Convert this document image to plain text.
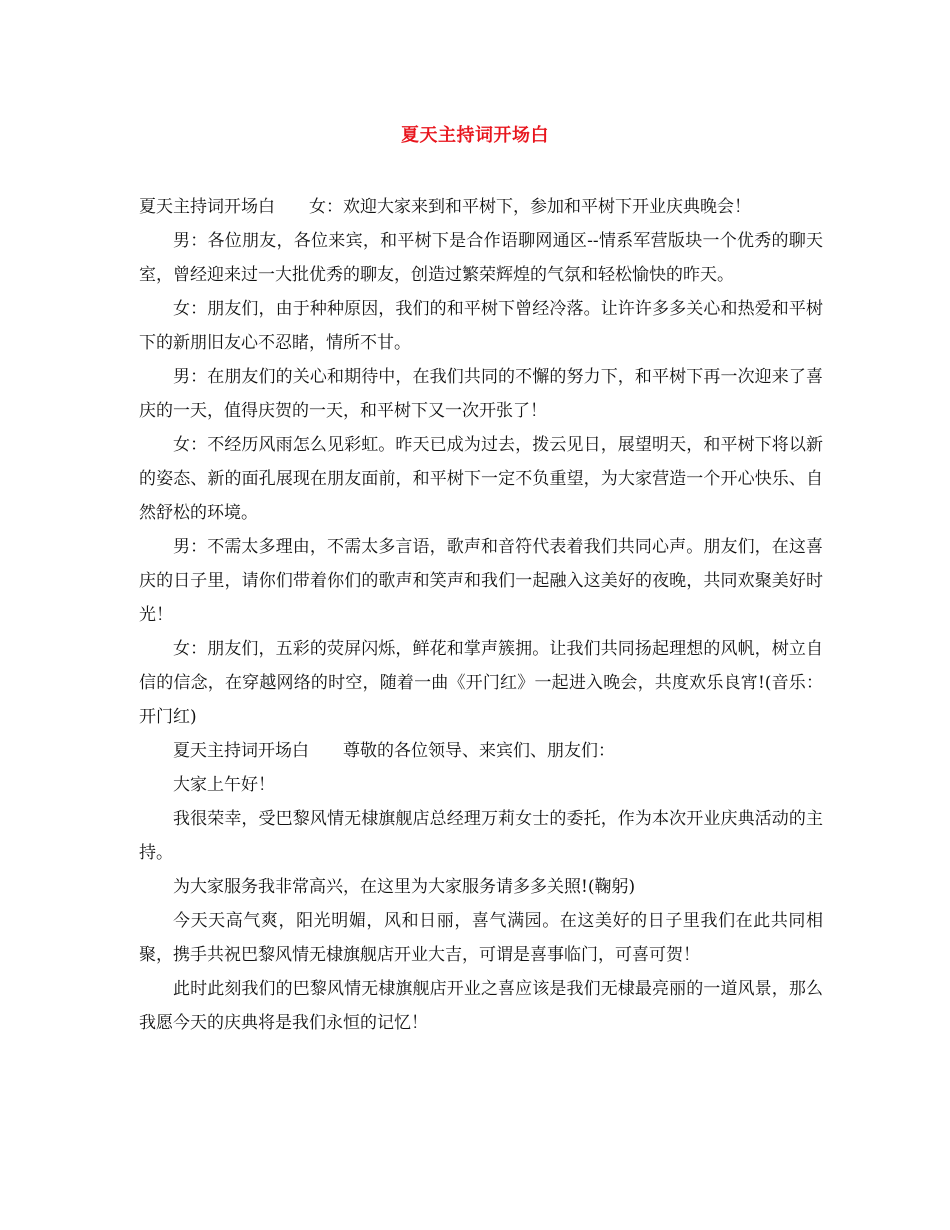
夏天主持词开场白

夏天主持词开场白　　女：欢迎大家来到和平树下，参加和平树下开业庆典晚会！

男：各位朋友，各位来宾，和平树下是合作语聊网通区--情系军营版块一个优秀的聊天室，曾经迎来过一大批优秀的聊友，创造过繁荣辉煌的气氛和轻松愉快的昨天。

女：朋友们，由于种种原因，我们的和平树下曾经冷落。让许许多多关心和热爱和平树下的新朋旧友心不忍睹，情所不甘。

男：在朋友们的关心和期待中，在我们共同的不懈的努力下，和平树下再一次迎来了喜庆的一天，值得庆贺的一天，和平树下又一次开张了！

女：不经历风雨怎么见彩虹。昨天已成为过去，拨云见日，展望明天，和平树下将以新的姿态、新的面孔展现在朋友面前，和平树下一定不负重望，为大家营造一个开心快乐、自然舒松的环境。

男：不需太多理由，不需太多言语，歌声和音符代表着我们共同心声。朋友们，在这喜庆的日子里，请你们带着你们的歌声和笑声和我们一起融入这美好的夜晚，共同欢聚美好时光！

女：朋友们，五彩的荧屏闪烁，鲜花和掌声簇拥。让我们共同扬起理想的风帆，树立自信的信念，在穿越网络的时空，随着一曲《开门红》一起进入晚会，共度欢乐良宵!(音乐：开门红)

夏天主持词开场白　　尊敬的各位领导、来宾们、朋友们：

大家上午好！

我很荣幸，受巴黎风情无棣旗舰店总经理万莉女士的委托，作为本次开业庆典活动的主持。

为大家服务我非常高兴，在这里为大家服务请多多关照!(鞠躬)

今天天高气爽，阳光明媚，风和日丽，喜气满园。在这美好的日子里我们在此共同相聚，携手共祝巴黎风情无棣旗舰店开业大吉，可谓是喜事临门，可喜可贺！

此时此刻我们的巴黎风情无棣旗舰店开业之喜应该是我们无棣最亮丽的一道风景，那么我愿今天的庆典将是我们永恒的记忆！
